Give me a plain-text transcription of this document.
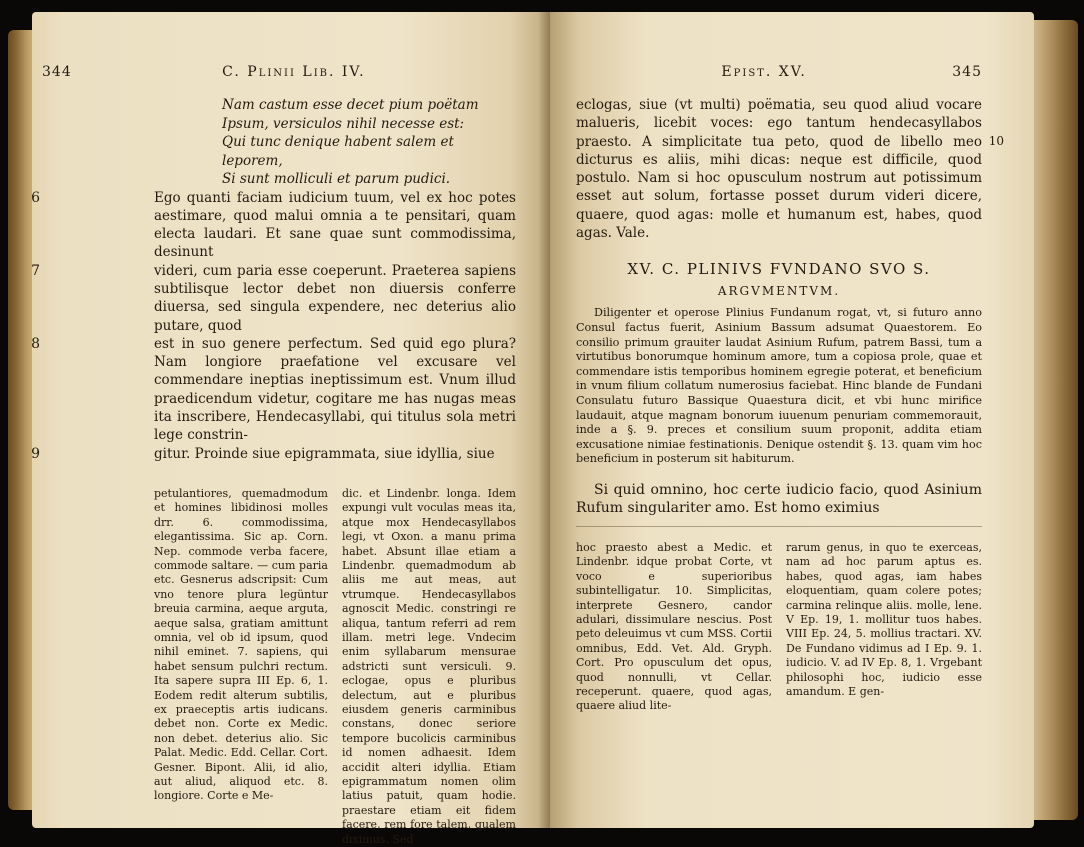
344	C. Plinii Lib. IV.
Nam castum esse decet pium poëtam
Ipsum, versiculos nihil necesse est:
Qui tunc denique habent salem et leporem,
Si sunt molliculi et parum pudici.
6	Ego quanti faciam iudicium tuum, vel ex hoc potes aestimare, quod malui omnia a te pensitari, quam electa laudari. Et sane quae sunt commodissima, desinunt
7	videri, cum paria esse coeperunt. Praeterea sapiens subtilisque lector debet non diuersis conferre diuersa, sed singula expendere, nec deterius alio putare, quod
8	est in suo genere perfectum. Sed quid ego plura? Nam longiore praefatione vel excusare vel commendare ineptias ineptissimum est. Vnum illud praedicendum videtur, cogitare me has nugas meas ita inscribere, Hendecasyllabi, qui titulus sola metri lege constrin-
9	gitur. Proinde siue epigrammata, siue idyllia, siue
petulantiores, quemadmodum et homines libidinosi molles drr. 6. commodissima, elegantissima. Sic ap. Corn. Nep. commode verba facere, commode saltare. — cum paria etc. Gesnerus adscripsit: Cum vno tenore plura legüntur breuia carmina, aeque arguta, aeque salsa, gratiam amittunt omnia, vel ob id ipsum, quod nihil eminet. 7. sapiens, qui habet sensum pulchri rectum. Ita sapere supra III Ep. 6, 1. Eodem redit alterum subtilis, ex praeceptis artis iudicans. debet non. Corte ex Medic. non debet. deterius alio. Sic Palat. Medic. Edd. Cellar. Cort. Gesner. Bipont. Alii, id alio, aut aliud, aliquod etc. 8. longiore. Corte e Me-
dic. et Lindenbr. longa. Idem expungi vult voculas meas ita, atque mox Hendecasyllabos legi, vt Oxon. a manu prima habet. Absunt illae etiam a Lindenbr. quemadmodum ab aliis me aut meas, aut vtrumque. Hendecasyllabos agnoscit Medic. constringi re aliqua, tantum referri ad rem illam. metri lege. Vndecim enim syllabarum mensurae adstricti sunt versiculi. 9. eclogae, opus e pluribus delectum, aut e pluribus eiusdem generis carminibus constans, donec seriore tempore bucolicis carminibus id nomen adhaesit. Idem accidit alteri idyllia. Etiam epigrammatum nomen olim latius patuit, quam hodie. praestare etiam eit fidem facere, rem fore talem, qualem diximus. Sed
Epist. XV.	345
10
eclogas, siue (vt multi) poëmatia, seu quod aliud vocare malueris, licebit voces: ego tantum hendecasyllabos praesto. A simplicitate tua peto, quod de libello meo dicturus es aliis, mihi dicas: neque est difficile, quod postulo. Nam si hoc opusculum nostrum aut potissimum esset aut solum, fortasse posset durum videri dicere, quaere, quod agas: molle et humanum est, habes, quod agas. Vale.
XV. C. PLINIVS FVNDANO SVO S.
ARGVMENTVM.
Diligenter et operose Plinius Fundanum rogat, vt, si futuro anno Consul factus fuerit, Asinium Bassum adsumat Quaestorem. Eo consilio primum grauiter laudat Asinium Rufum, patrem Bassi, tum a virtutibus bonorumque hominum amore, tum a copiosa prole, quae et commendare istis temporibus hominem egregie poterat, et beneficium in vnum filium collatum numerosius faciebat. Hinc blande de Fundani Consulatu futuro Bassique Quaestura dicit, et vbi hunc mirifice laudauit, atque magnam bonorum iuuenum penuriam commemorauit, inde a §. 9. preces et consilium suum proponit, addita etiam excusatione nimiae festinationis. Denique ostendit §. 13. quam vim hoc beneficium in posterum sit habiturum.
Si quid omnino, hoc certe iudicio facio, quod Asinium Rufum singulariter amo. Est homo eximius
hoc praesto abest a Medic. et Lindenbr. idque probat Corte, vt voco e superioribus subintelligatur. 10. Simplicitas, interprete Gesnero, candor adulari, dissimulare nescius. Post peto deleuimus vt cum MSS. Cortii omnibus, Edd. Vet. Ald. Gryph. Cort. Pro opusculum det opus, quod nonnulli, vt Cellar. receperunt. quaere, quod agas, quaere aliud lite-
rarum genus, in quo te exerceas, nam ad hoc parum aptus es. habes, quod agas, iam habes eloquentiam, quam colere potes; carmina relinque aliis. molle, lene. V Ep. 19, 1. mollitur tuos habes. VIII Ep. 24, 5. mollius tractari. XV. De Fundano vidimus ad I Ep. 9. 1. iudicio. V. ad IV Ep. 8, 1. Vrgebant philosophi hoc, iudicio esse amandum. E gen-
